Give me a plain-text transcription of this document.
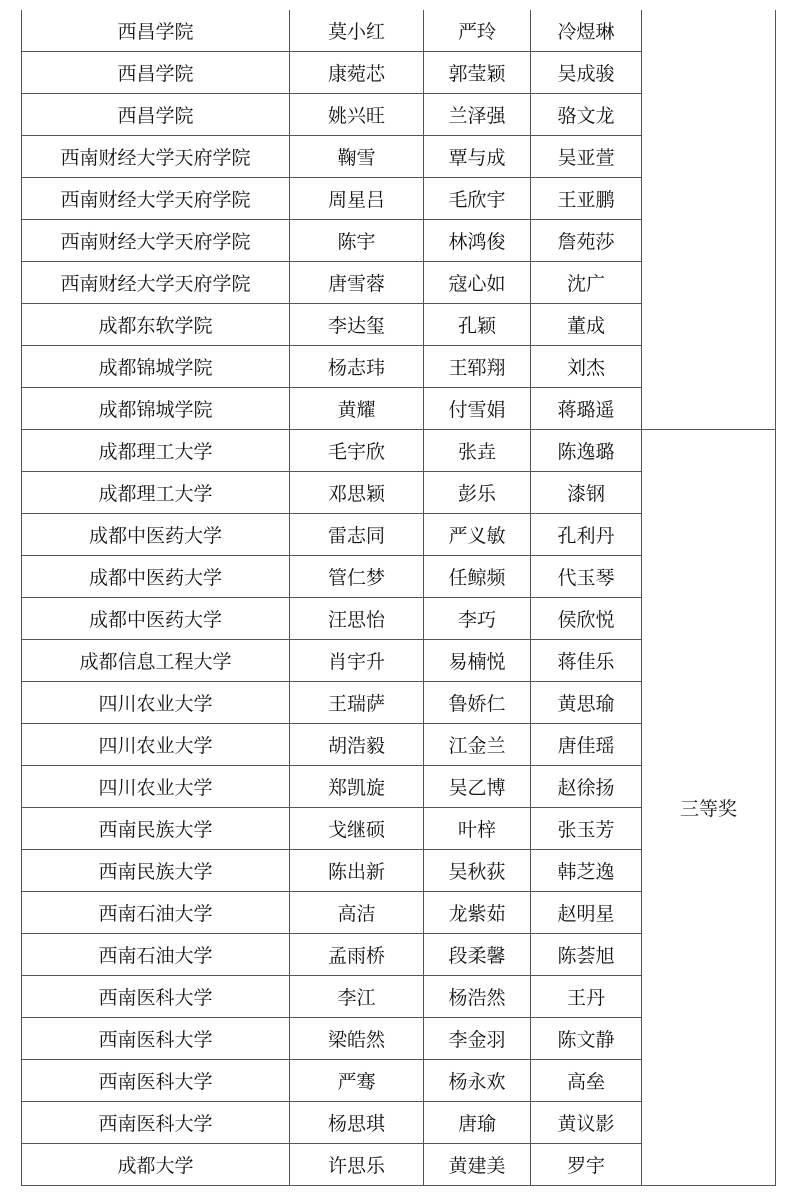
西昌学院	莫小红	严玲	冷煜琳	
西昌学院	康菀芯	郭莹颖	吴成骏	
西昌学院	姚兴旺	兰泽强	骆文龙	
西南财经大学天府学院	鞠雪	覃与成	吴亚萱	
西南财经大学天府学院	周星吕	毛欣宇	王亚鹏	
西南财经大学天府学院	陈宇	林鸿俊	詹苑莎	
西南财经大学天府学院	唐雪蓉	寇心如	沈广	
成都东软学院	李达玺	孔颖	董成	
成都锦城学院	杨志玮	王郓翔	刘杰	
成都锦城学院	黄耀	付雪娟	蒋璐遥	
成都理工大学	毛宇欣	张垚	陈逸璐	三等奖
成都理工大学	邓思颖	彭乐	漆钢	
成都中医药大学	雷志同	严义敏	孔利丹	
成都中医药大学	管仁梦	任鲸频	代玉琴	
成都中医药大学	汪思怡	李巧	侯欣悦	
成都信息工程大学	肖宇升	易楠悦	蒋佳乐	
四川农业大学	王瑞萨	鲁娇仁	黄思瑜	
四川农业大学	胡浩毅	江金兰	唐佳瑶	
四川农业大学	郑凯旋	吴乙博	赵徐扬	
西南民族大学	戈继硕	叶梓	张玉芳	
西南民族大学	陈出新	吴秋荻	韩芝逸	
西南石油大学	高洁	龙紫茹	赵明星	
西南石油大学	孟雨桥	段柔馨	陈荟旭	
西南医科大学	李江	杨浩然	王丹	
西南医科大学	梁皓然	李金羽	陈文静	
西南医科大学	严骞	杨永欢	高垒	
西南医科大学	杨思琪	唐瑜	黄议影	
成都大学	许思乐	黄建美	罗宇	
